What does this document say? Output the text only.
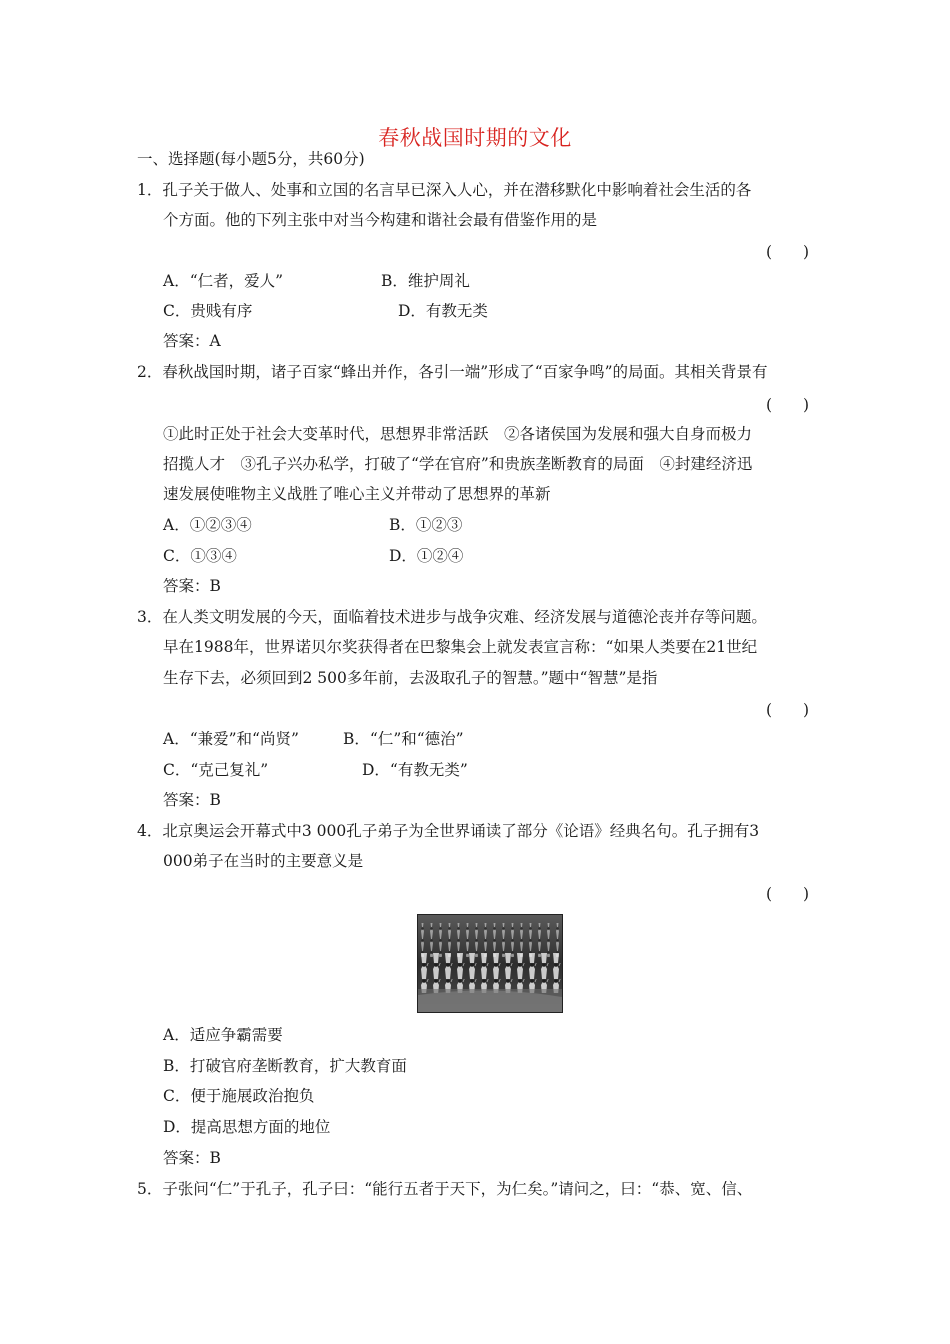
春秋战国时期的文化
一、选择题(每小题5分，共60分)
1．孔子关于做人、处事和立国的名言早已深入人心，并在潜移默化中影响着社会生活的各
个方面。他的下列主张中对当今构建和谐社会最有借鉴作用的是
(　　)
A．“仁者，爱人”	B．维护周礼
C．贵贱有序	D．有教无类
答案：A
2．春秋战国时期，诸子百家“蜂出并作，各引一端”形成了“百家争鸣”的局面。其相关背景有
(　　)
①此时正处于社会大变革时代，思想界非常活跃　②各诸侯国为发展和强大自身而极力
招揽人才　③孔子兴办私学，打破了“学在官府”和贵族垄断教育的局面　④封建经济迅
速发展使唯物主义战胜了唯心主义并带动了思想界的革新
A．①②③④	B．①②③
C．①③④	D．①②④
答案：B
3．在人类文明发展的今天，面临着技术进步与战争灾难、经济发展与道德沦丧并存等问题。
早在1988年，世界诺贝尔奖获得者在巴黎集会上就发表宣言称：“如果人类要在21世纪
生存下去，必须回到2 500多年前，去汲取孔子的智慧。”题中“智慧”是指
(　　)
A．“兼爱”和“尚贤”	B．“仁”和“德治”
C．“克己复礼”	D．“有教无类”
答案：B
4．北京奥运会开幕式中3 000孔子弟子为全世界诵读了部分《论语》经典名句。孔子拥有3
000弟子在当时的主要意义是
(　　)
A．适应争霸需要
B．打破官府垄断教育，扩大教育面
C．便于施展政治抱负
D．提高思想方面的地位
答案：B
5．子张问“仁”于孔子，孔子曰：“能行五者于天下，为仁矣。”请问之，曰：“恭、宽、信、
